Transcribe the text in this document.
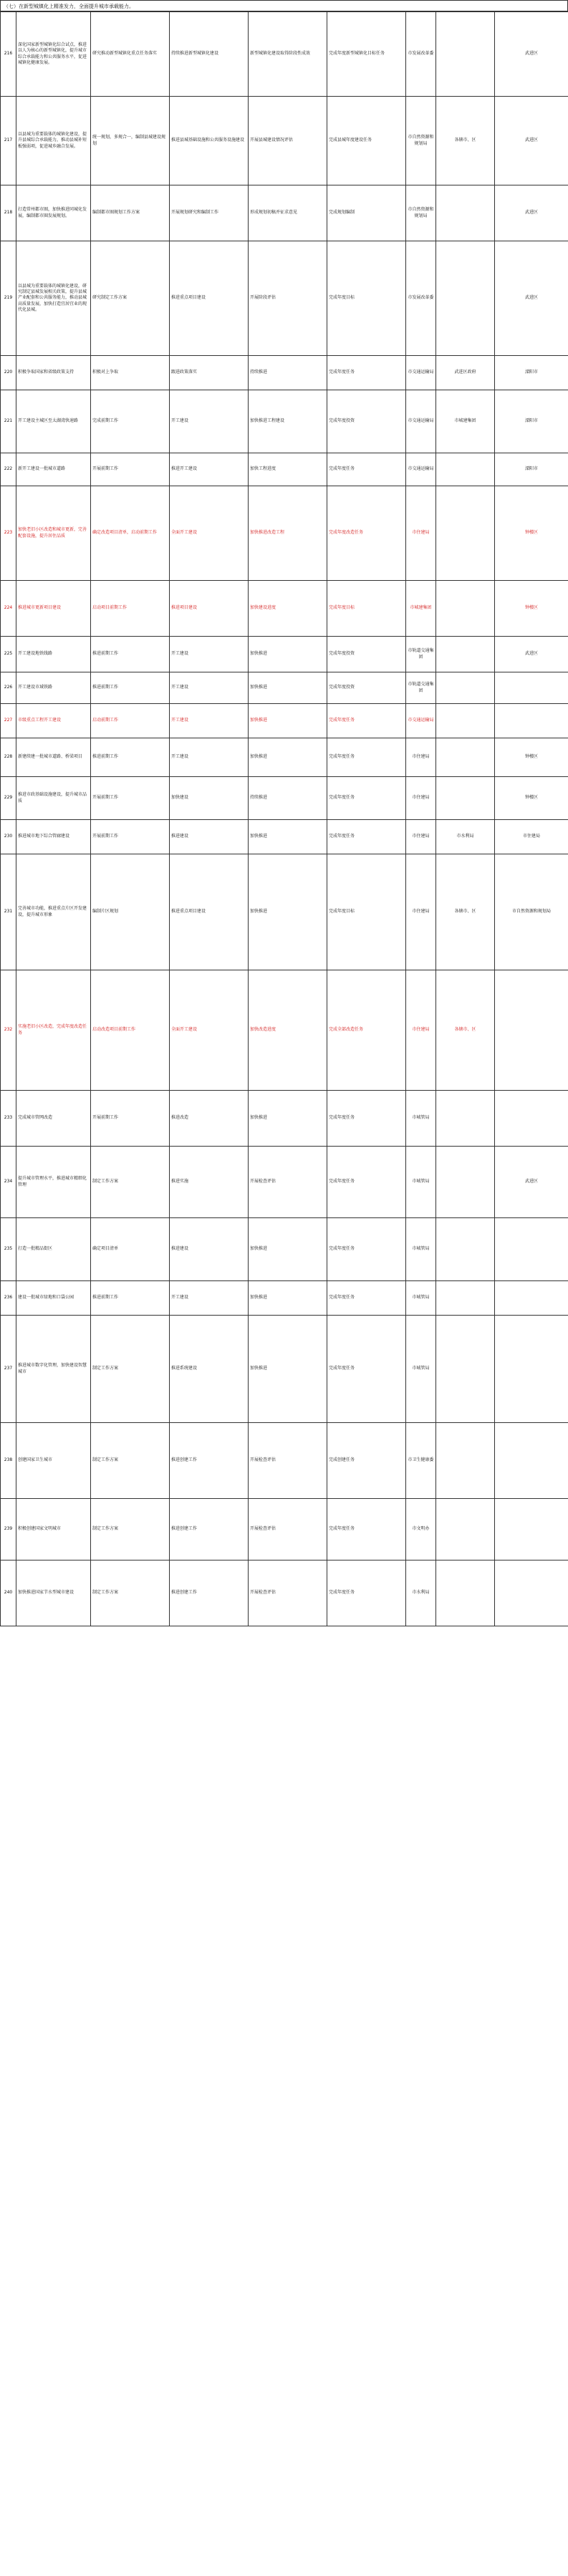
（七）在新型城镇化上精准发力，全面提升城市承载能力。
216	深化国家新型城镇化综合试点，推进以人为核心的新型城镇化，提升城市综合承载能力和公共服务水平，促进城镇化健康发展。	研究推动新型城镇化重点任务落实	持续推进新型城镇化建设	新型城镇化建设取得阶段性成效	完成年度新型城镇化目标任务	市发展改革委		武进区
217	以县城为重要载体的城镇化建设，提升县城综合承载能力，推动县城补短板强弱项，促进城乡融合发展。	统一规划，多规合一，编制县城建设规划	推进县城基础设施和公共服务设施建设	开展县城建设情况评估	完成县城年度建设任务	市自然资源和规划局	各辖市、区	武进区
218	打造常州都市圈，加快推进同城化发展，编制都市圈发展规划。	编制都市圈规划工作方案	开展规划研究和编制工作	形成规划初稿并征求意见	完成规划编制	市自然资源和规划局		武进区
219	以县城为重要载体的城镇化建设，研究制定县城发展相关政策，提升县城产业配套和公共服务能力，推动县城高质量发展，加快打造宜居宜业的现代化县城。	研究制定工作方案	推进重点项目建设	开展阶段评估	完成年度目标	市发展改革委		武进区
220	积极争取国家和省级政策支持	积极对上争取	跟进政策落实	持续推进	完成年度任务	市交通运输局	武进区政府	溧阳市
221	开工建设主城区至太湖湾快速路	完成前期工作	开工建设	加快推进工程建设	完成年度投资	市交通运输局	市城建集团	溧阳市
222	新开工建设一批城市道路	开展前期工作	推进开工建设	加快工程进度	完成年度任务	市交通运输局		溧阳市
223	加快老旧小区改造和城市更新，完善配套设施，提升居住品质	确定改造项目清单，启动前期工作	全面开工建设	加快推进改造工程	完成年度改造任务	市住建局		钟楼区
224	推进城市更新项目建设	启动项目前期工作	推进项目建设	加快建设进度	完成年度目标	市城建集团		钟楼区
225	开工建设地铁线路	推进前期工作	开工建设	加快推进	完成年度投资	市轨道交通集团		武进区
226	开工建设市域铁路	推进前期工作	开工建设	加快推进	完成年度投资	市轨道交通集团		
227	市级重点工程开工建设	启动前期工作	开工建设	加快推进	完成年度任务	市交通运输局		
228	新建续建一批城市道路、桥梁项目	推进前期工作	开工建设	加快推进	完成年度任务	市住建局		钟楼区
229	推进市政基础设施建设，提升城市品质	开展前期工作	加快建设	持续推进	完成年度任务	市住建局		钟楼区
230	推进城市地下综合管廊建设	开展前期工作	推进建设	加快推进	完成年度任务	市住建局	市水利局	市住建局
231	完善城市功能，推进重点片区开发建设，提升城市形象	编制片区规划	推进重点项目建设	加快推进	完成年度目标	市住建局	各辖市、区	市自然资源和规划局
232	实施老旧小区改造，完成年度改造任务	启动改造项目前期工作	全面开工建设	加快改造进度	完成全部改造任务	市住建局	各辖市、区	
233	完成城市管网改造	开展前期工作	推进改造	加快推进	完成年度任务	市城管局		
234	提升城市管理水平，推进城市精细化管理	制定工作方案	推进实施	开展检查评估	完成年度任务	市城管局		武进区
235	打造一批精品街区	确定项目清单	推进建设	加快推进	完成年度任务	市城管局		
236	建设一批城市绿地和口袋公园	推进前期工作	开工建设	加快推进	完成年度任务	市城管局		
237	推进城市数字化管理，加快建设智慧城市	制定工作方案	推进系统建设	加快推进	完成年度任务	市城管局		
238	创建国家卫生城市	制定工作方案	推进创建工作	开展检查评估	完成创建任务	市卫生健康委		
239	积极创建国家文明城市	制定工作方案	推进创建工作	开展检查评估	完成年度任务	市文明办		
240	加快推进国家节水型城市建设	制定工作方案	推进创建工作	开展检查评估	完成年度任务	市水利局		
